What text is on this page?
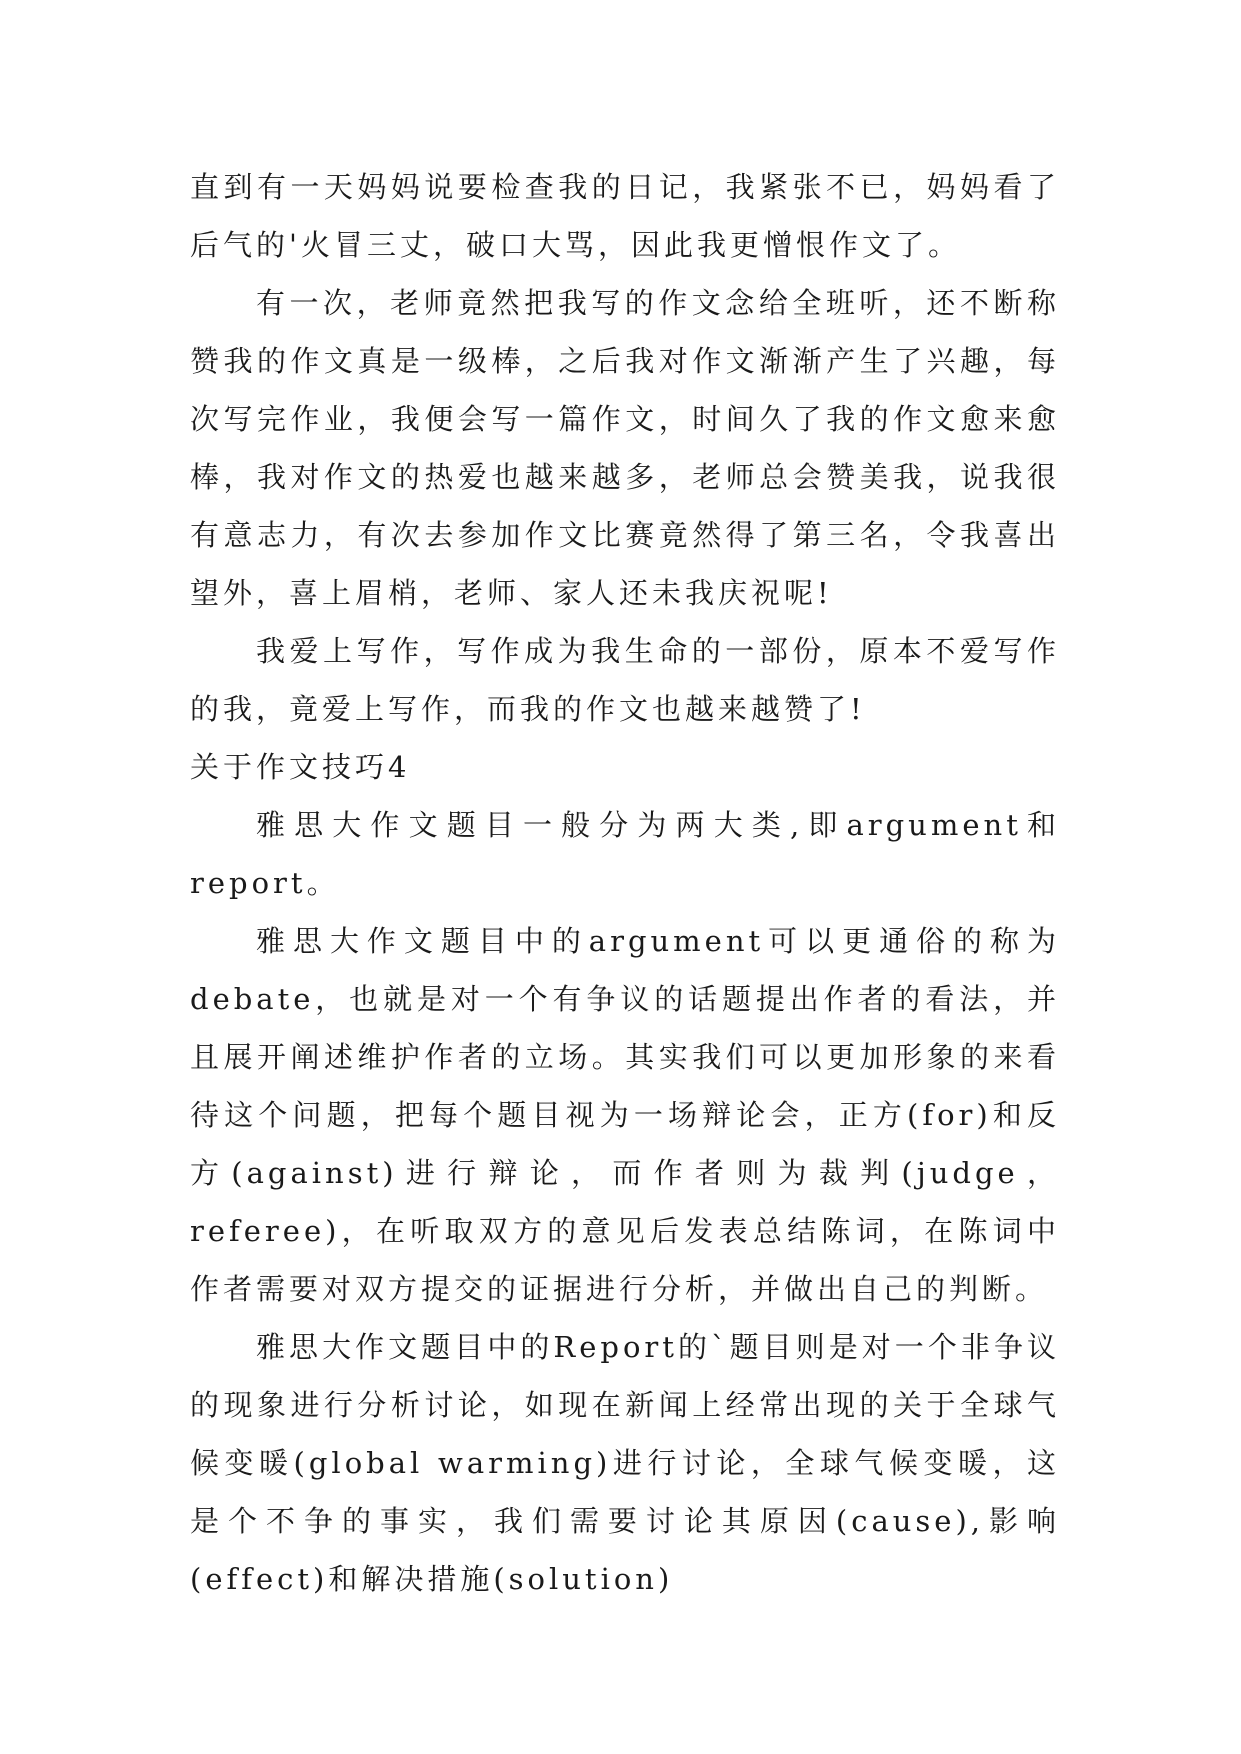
直到有一天妈妈说要检查我的日记，我紧张不已，妈妈看了后气的'火冒三丈，破口大骂，因此我更憎恨作文了。

有一次，老师竟然把我写的作文念给全班听，还不断称赞我的作文真是一级棒，之后我对作文渐渐产生了兴趣，每次写完作业，我便会写一篇作文，时间久了我的作文愈来愈棒，我对作文的热爱也越来越多，老师总会赞美我，说我很有意志力，有次去参加作文比赛竟然得了第三名，令我喜出望外，喜上眉梢，老师、家人还未我庆祝呢!

我爱上写作，写作成为我生命的一部份，原本不爱写作的我，竟爱上写作，而我的作文也越来越赞了!

关于作文技巧4

雅思大作文题目一般分为两大类,即argument和report。

雅思大作文题目中的argument可以更通俗的称为debate，也就是对一个有争议的话题提出作者的看法，并且展开阐述维护作者的立场。其实我们可以更加形象的来看待这个问题，把每个题目视为一场辩论会，正方(for)和反方(against)进行辩论，而作者则为裁判(judge，referee)，在听取双方的意见后发表总结陈词，在陈词中作者需要对双方提交的证据进行分析，并做出自己的判断。

雅思大作文题目中的Report的`题目则是对一个非争议的现象进行分析讨论，如现在新闻上经常出现的关于全球气候变暖(global warming)进行讨论，全球气候变暖，这是个不争的事实，我们需要讨论其原因(cause),影响(effect)和解决措施(solution)
